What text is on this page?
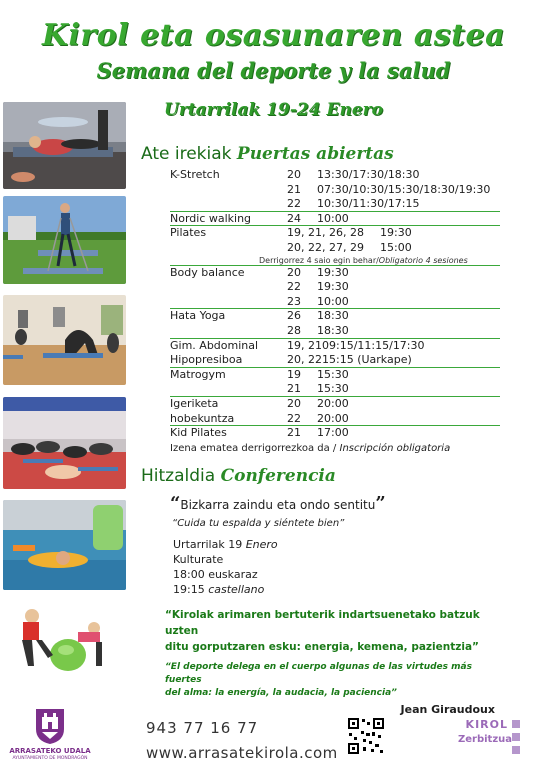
Kirol eta osasunaren astea
Semana del deporte y la salud
Urtarrilak 19-24 Enero
Ate irekiak Puertas abiertas
K-Stretch	20 13:30/17:30/18:30
21 07:30/10:30/15:30/18:30/19:30
22 10:30/11:30/17:15
Nordic walking	24 10:00
Pilates	19, 21, 26, 28 19:30
20, 22, 27, 29 15:00
Derrigorrez 4 saio egin behar/Obligatorio 4 sesiones
Body balance	20 19:30
22 19:30
23 10:00
Hata Yoga	26 18:30
28 18:30
Gim. Abdominal	19, 21 09:15/11:15/17:30
Hipopresiboa	20, 22 15:15 (Uarkape)
Matrogym	19 15:30
21 15:30
Igeriketa	20 20:00
hobekuntza	22 20:00
Kid Pilates	21 17:00
Izena ematea derrigorrezkoa da / Inscripción obligatoria
Hitzaldia Conferencia
“Bizkarra zaindu eta ondo sentitu”
“Cuida tu espalda y siéntete bien”
Urtarrilak 19 Enero
Kulturate
18:00 euskaraz
19:15 castellano
“Kirolak arimaren bertuterik indartsuenetako batzuk uzten
ditu gorputzaren esku: energia, kemena, pazientzia”
“El deporte delega en el cuerpo algunas de las virtudes más fuertes
del alma: la energía, la audacia, la paciencia”
Jean Giraudoux
ARRASATEKO UDALA
AYUNTAMIENTO DE MONDRAGÓN
943 77 16 77
www.arrasatekirola.com
KIROL
Zerbitzua
